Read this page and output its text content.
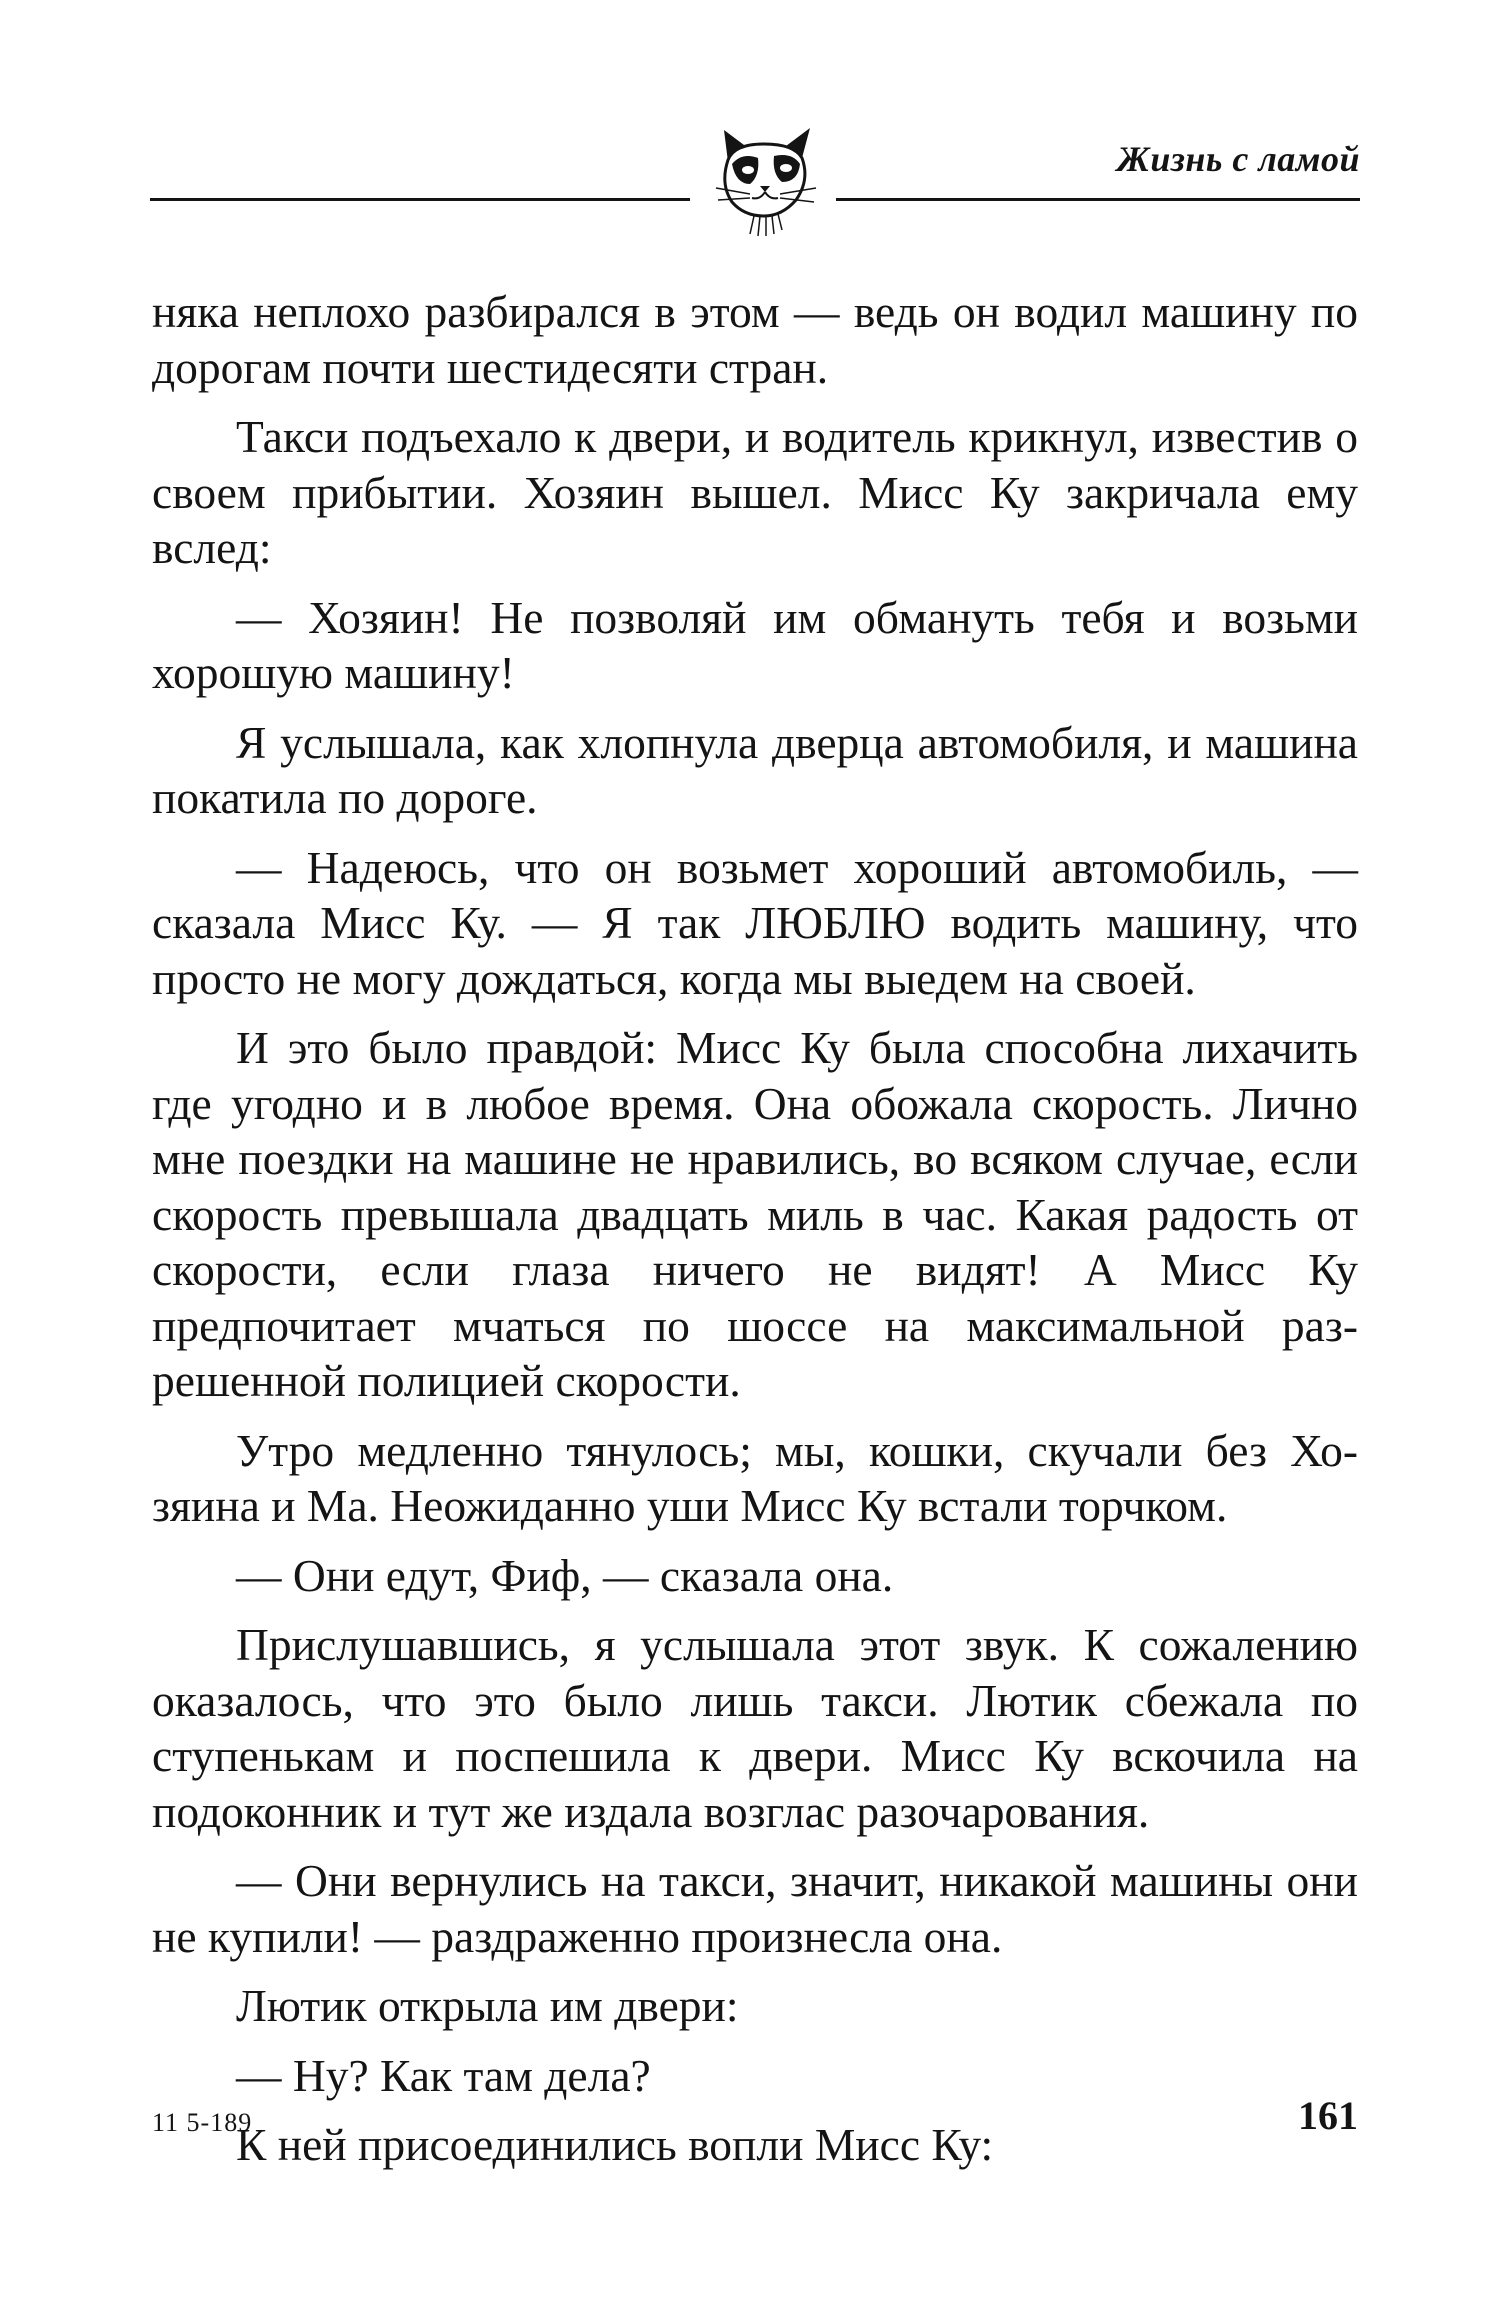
Жизнь с ламой

няка неплохо разбирался в этом — ведь он водил машину по дорогам почти шестидесяти стран.

Такси подъехало к двери, и водитель крикнул, известив о своем прибытии. Хозяин вышел. Мисс Ку закричала ему вслед:

— Хозяин! Не позволяй им обмануть тебя и возьми хорошую машину!

Я услышала, как хлопнула дверца автомобиля, и машина покатила по дороге.

— Надеюсь, что он возьмет хороший автомобиль, — сказала Мисс Ку. — Я так ЛЮБЛЮ водить машину, что просто не могу дождаться, когда мы выедем на своей.

И это было правдой: Мисс Ку была способна лихачить где угодно и в любое время. Она обожала скорость. Лично мне поездки на машине не нравились, во всяком случае, если скорость превышала двадцать миль в час. Какая радость от скорости, если глаза ничего не видят! А Мисс Ку предпочитает мчаться по шоссе на максимальной разрешенной полицией скорости.

Утро медленно тянулось; мы, кошки, скучали без Хозяина и Ма. Неожиданно уши Мисс Ку встали торчком.

— Они едут, Фиф, — сказала она.

Прислушавшись, я услышала этот звук. К сожалению оказалось, что это было лишь такси. Лютик сбежала по ступенькам и поспешила к двери. Мисс Ку вскочила на подоконник и тут же издала возглас разочарования.

— Они вернулись на такси, значит, никакой машины они не купили! — раздраженно произнесла она.

Лютик открыла им двери:

— Ну? Как там дела?

К ней присоединились вопли Мисс Ку:

11 5-189	161
